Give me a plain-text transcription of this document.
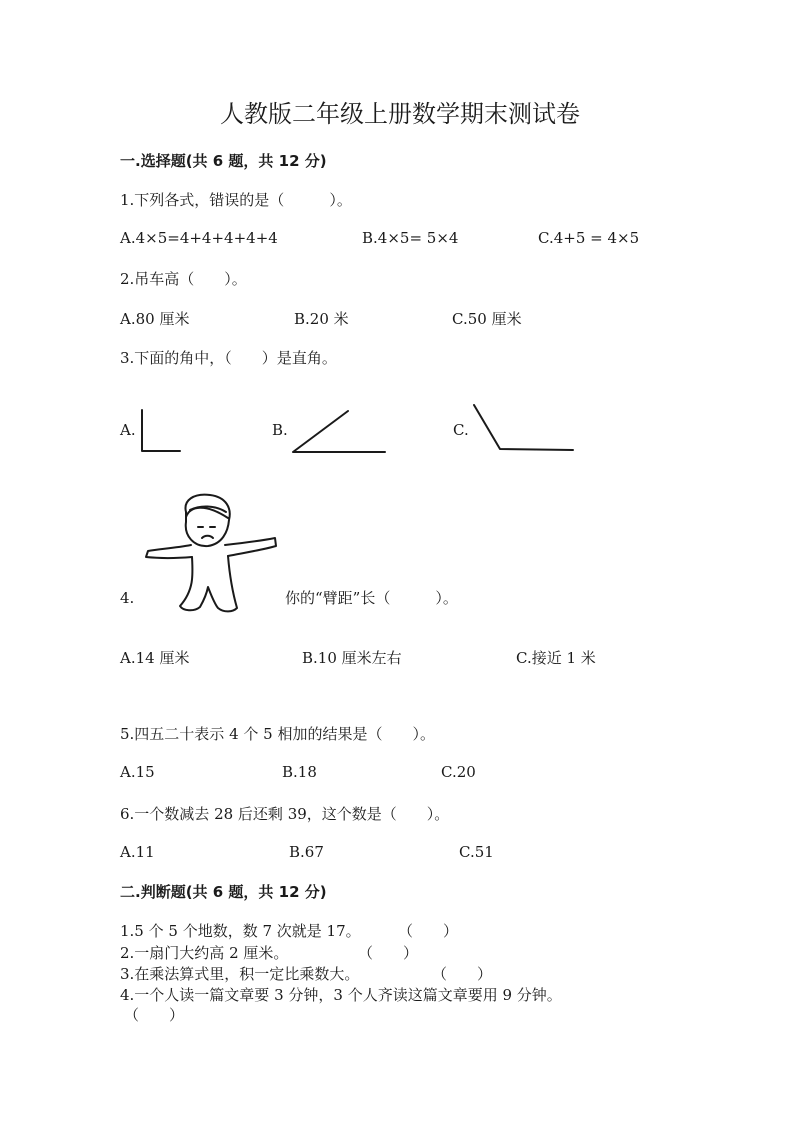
人教版二年级上册数学期末测试卷
一.选择题(共 6 题，共 12 分)
1.下列各式，错误的是（　　　）。
A.4×5=4+4+4+4+4	B.4×5= 5×4	C.4+5 = 4×5
2.吊车高（　　）。
A.80 厘米	B.20 米	C.50 厘米
3.下面的角中，（　　）是直角。
A.	B.	C.
4.	你的“臂距”长（　　　）。
A.14 厘米	B.10 厘米左右	C.接近 1 米
5.四五二十表示 4 个 5 相加的结果是（　　）。
A.15	B.18	C.20
6.一个数减去 28 后还剩 39，这个数是（　　）。
A.11	B.67	C.51
二.判断题(共 6 题，共 12 分)
1.5 个 5 个地数，数 7 次就是 17。 （　　）
2.一扇门大约高 2 厘米。	（　　）
3.在乘法算式里，积一定比乘数大。	（　　）
4.一个人读一篇文章要 3 分钟，3 个人齐读这篇文章要用 9 分钟。
（　　）
